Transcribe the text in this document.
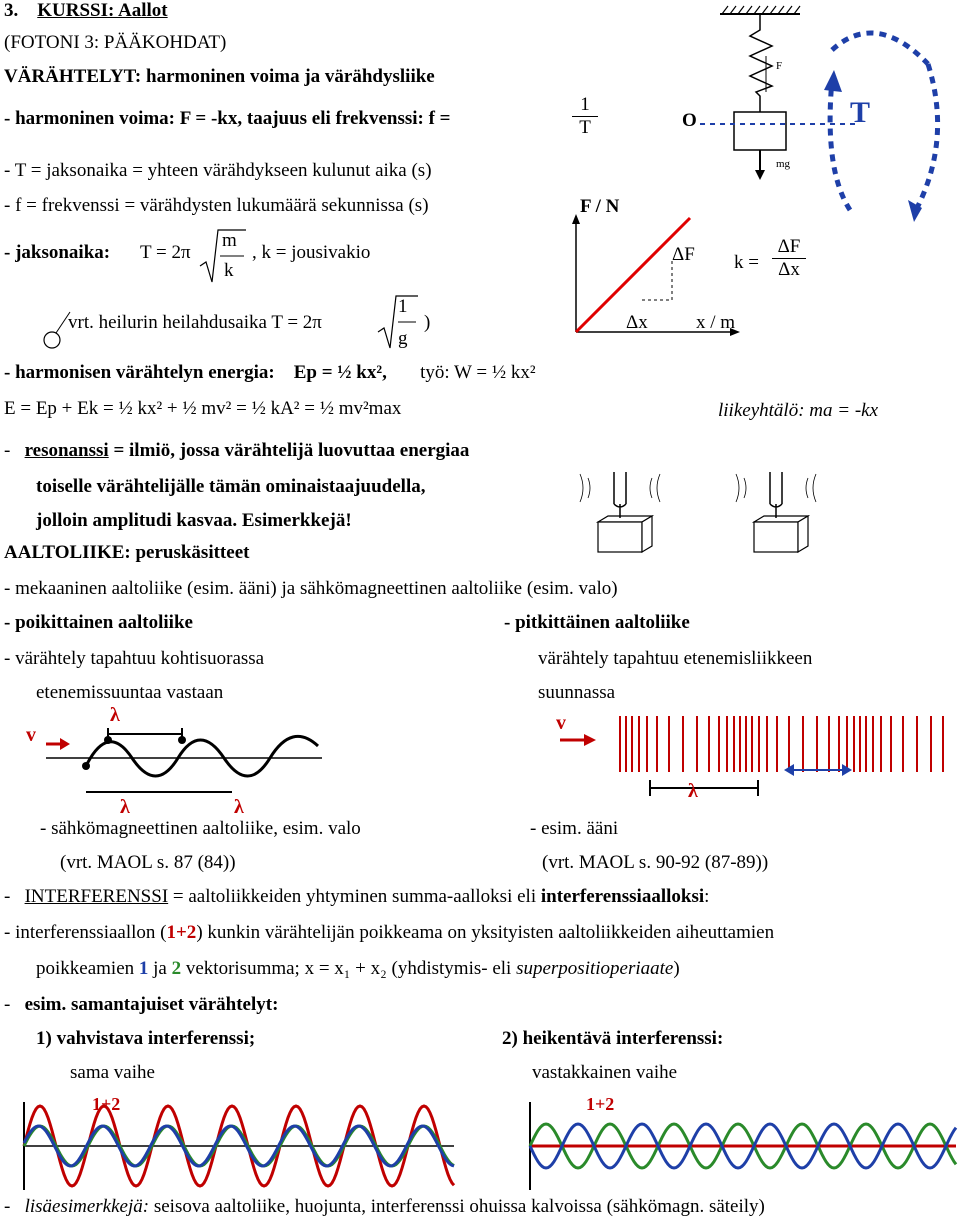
3. KURSSI: Aallot
(FOTONI 3: PÄÄKOHDAT)
VÄRÄHTELYT: harmoninen voima ja värähdysliike
- harmoninen voima: F = -kx, taajuus eli frekvenssi: f =	$\frac{1}{T}$
- T = jaksonaika = yhteen värähdykseen kulunut aika (s)
- f = frekvenssi = värähdysten lukumäärä sekunnissa (s)
- jaksonaika: T = 2π
m
k
, k = jousivakio
vrt. heilurin heilahdusaika T = 2π
1
g
)
F
mg
O	T
F / N
ΔF
Δx	x / m
$k = \frac{\Delta F}{\Delta x}$
- harmonisen värähtelyn energia: Ep = ½ kx², työ: W = ½ kx²
E = Ep + Ek = ½ kx² + ½ mv² = ½ kA² = ½ mv²max	liikeyhtälö: ma = -kx
-   resonanssi = ilmiö, jossa värähtelijä luovuttaa energiaa
toiselle värähtelijälle tämän ominaistaajuudella,
jolloin amplitudi kasvaa. Esimerkkejä!
AALTOLIIKE: peruskäsitteet
- mekaaninen aaltoliike (esim. ääni) ja sähkömagneettinen aaltoliike (esim. valo)
- poikittainen aaltoliike	- pitkittäinen aaltoliike
- värähtely tapahtuu kohtisuorassa
etenemissuuntaa vastaan
värähtely tapahtuu etenemisliikkeen
suunnassa
v
λ
λ	λ
v
λ
- sähkömagneettinen aaltoliike, esim. valo
(vrt. MAOL s. 87 (84))
- esim. ääni
(vrt. MAOL s. 90-92 (87-89))
-   INTERFERENSSI = aaltoliikkeiden yhtyminen summa-aalloksi eli interferenssiaalloksi:
- interferenssiaallon (1+2) kunkin värähtelijän poikkeama on yksityisten aaltoliikkeiden aiheuttamien
poikkeamien 1 ja 2 vektorisumma; x = x₁ + x₂ (yhdistymis- eli superpositioperiaate)
-   esim. samantajuiset värähtelyt:
1) vahvistava interferenssi;	2) heikentävä interferenssi:
sama vaihe	vastakkainen vaihe
1+2	1+2
-   lisäesimerkkejä: seisova aaltoliike, huojunta, interferenssi ohuissa kalvoissa (sähkömagn. säteily)
